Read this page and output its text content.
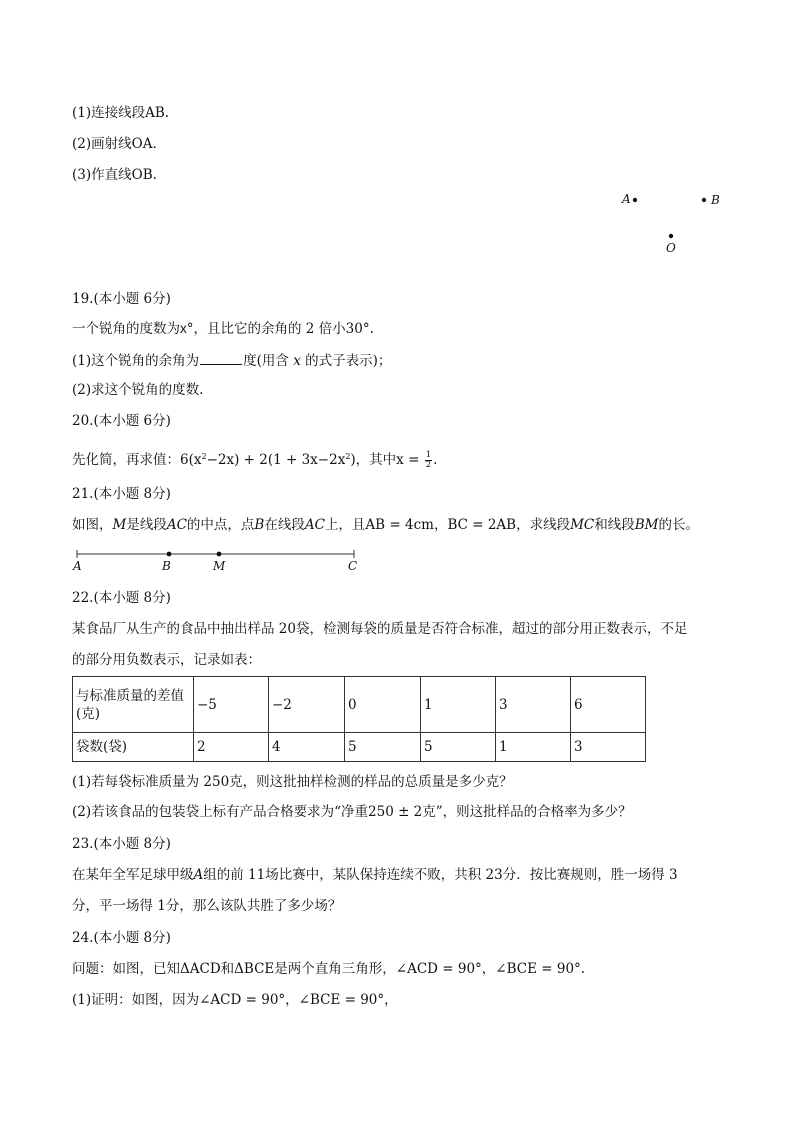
(1)连接线段AB.
(2)画射线OA.
(3)作直线OB.
A	B
O
19.(本小题 6分)
一个锐角的度数为x°，且比它的余角的 2 倍小30°.
(1)这个锐角的余角为	度(用含 x 的式子表示)；
(2)求这个锐角的度数.
20.(本小题 6分)
先化简，再求值：$6(x^2-2x) + 2(1 + 3x-2x^2)$，其中$x = \frac{1}{2}$ .
21.(本小题 8分)
如图，M是线段AC的中点，点B在线段AC上，且AB = 4cm，BC = 2AB，求线段MC和线段BM的长。
A	B	M	C
22.(本小题 8分)
某食品厂从生产的食品中抽出样品 20袋，检测每袋的质量是否符合标准，超过的部分用正数表示，不足
的部分用负数表示，记录如表：
与标准质量的差值
(克)	−5	−2	0	1	3	6
袋数(袋)	2	4	5	5	1	3
(1)若每袋标准质量为 250克，则这批抽样检测的样品的总质量是多少克？
(2)若该食品的包装袋上标有产品合格要求为“净重250 ± 2克”，则这批样品的合格率为多少？
23.(本小题 8分)
在某年全军足球甲级A组的前 11场比赛中，某队保持连续不败，共积 23分．按比赛规则，胜一场得 3
分，平一场得 1分，那么该队共胜了多少场？
24.(本小题 8分)
问题：如图，已知ΔACD和ΔBCE是两个直角三角形，∠ACD = 90°，∠BCE = 90°.
(1)证明：如图，因为∠ACD = 90°，∠BCE = 90°，
